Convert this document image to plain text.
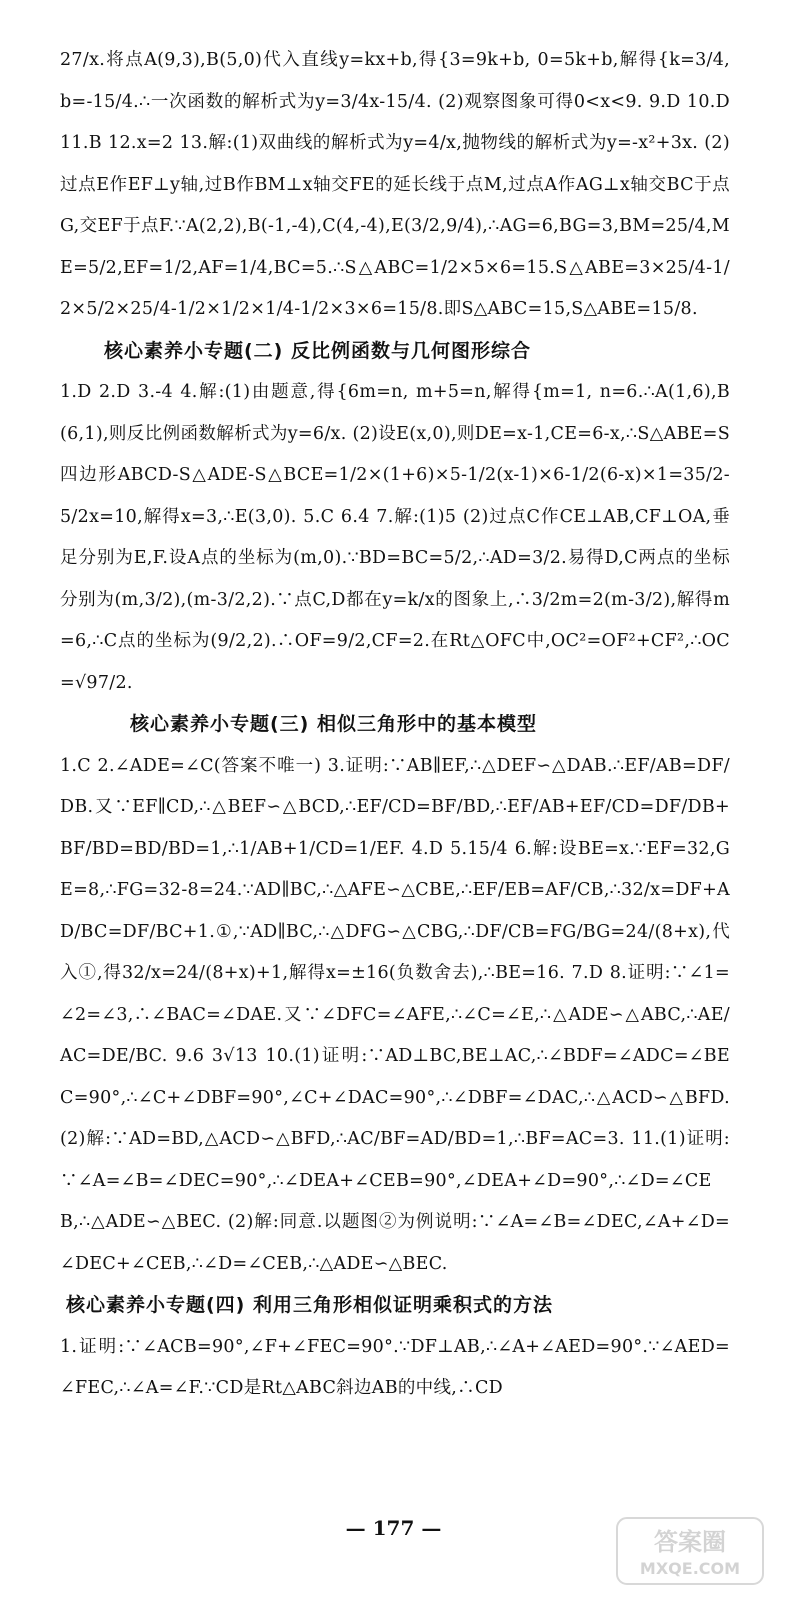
27/x.将点A(9,3),B(5,0)代入直线y=kx+b,得{3=9k+b, 0=5k+b,解得{k=3/4, b=-15/4.∴一次函数的解析式为y=3/4x-15/4. (2)观察图象可得0<x<9. 9.D 10.D 11.B 12.x=2 13.解:(1)双曲线的解析式为y=4/x,抛物线的解析式为y=-x²+3x. (2)过点E作EF⊥y轴,过B作BM⊥x轴交FE的延长线于点M,过点A作AG⊥x轴交BC于点G,交EF于点F.∵A(2,2),B(-1,-4),C(4,-4),E(3/2,9/4),∴AG=6,BG=3,BM=25/4,ME=5/2,EF=1/2,AF=1/4,BC=5.∴S△ABC=1/2×5×6=15.S△ABE=3×25/4-1/2×5/2×25/4-1/2×1/2×1/4-1/2×3×6=15/8.即S△ABC=15,S△ABE=15/8.

核心素养小专题(二) 反比例函数与几何图形综合

1.D 2.D 3.-4 4.解:(1)由题意,得{6m=n, m+5=n,解得{m=1, n=6.∴A(1,6),B(6,1),则反比例函数解析式为y=6/x. (2)设E(x,0),则DE=x-1,CE=6-x,∴S△ABE=S四边形ABCD-S△ADE-S△BCE=1/2×(1+6)×5-1/2(x-1)×6-1/2(6-x)×1=35/2-5/2x=10,解得x=3,∴E(3,0). 5.C 6.4 7.解:(1)5 (2)过点C作CE⊥AB,CF⊥OA,垂足分别为E,F.设A点的坐标为(m,0).∵BD=BC=5/2,∴AD=3/2.易得D,C两点的坐标分别为(m,3/2),(m-3/2,2).∵点C,D都在y=k/x的图象上,∴3/2m=2(m-3/2),解得m=6,∴C点的坐标为(9/2,2).∴OF=9/2,CF=2.在Rt△OFC中,OC²=OF²+CF²,∴OC=√97/2.

核心素养小专题(三) 相似三角形中的基本模型

1.C 2.∠ADE=∠C(答案不唯一) 3.证明:∵AB∥EF,∴△DEF∽△DAB.∴EF/AB=DF/DB.又∵EF∥CD,∴△BEF∽△BCD,∴EF/CD=BF/BD,∴EF/AB+EF/CD=DF/DB+BF/BD=BD/BD=1,∴1/AB+1/CD=1/EF. 4.D 5.15/4 6.解:设BE=x.∵EF=32,GE=8,∴FG=32-8=24.∵AD∥BC,∴△AFE∽△CBE,∴EF/EB=AF/CB,∴32/x=DF+AD/BC=DF/BC+1.①,∵AD∥BC,∴△DFG∽△CBG,∴DF/CB=FG/BG=24/(8+x),代入①,得32/x=24/(8+x)+1,解得x=±16(负数舍去),∴BE=16. 7.D 8.证明:∵∠1=∠2=∠3,∴∠BAC=∠DAE.又∵∠DFC=∠AFE,∴∠C=∠E,∴△ADE∽△ABC,∴AE/AC=DE/BC. 9.6 3√13 10.(1)证明:∵AD⊥BC,BE⊥AC,∴∠BDF=∠ADC=∠BEC=90°,∴∠C+∠DBF=90°,∠C+∠DAC=90°,∴∠DBF=∠DAC,∴△ACD∽△BFD. (2)解:∵AD=BD,△ACD∽△BFD,∴AC/BF=AD/BD=1,∴BF=AC=3. 11.(1)证明:∵∠A=∠B=∠DEC=90°,∴∠DEA+∠CEB=90°,∠DEA+∠D=90°,∴∠D=∠CEB,∴△ADE∽△BEC. (2)解:同意.以题图②为例说明:∵∠A=∠B=∠DEC,∠A+∠D=∠DEC+∠CEB,∴∠D=∠CEB,∴△ADE∽△BEC.

核心素养小专题(四) 利用三角形相似证明乘积式的方法

1.证明:∵∠ACB=90°,∠F+∠FEC=90°.∵DF⊥AB,∴∠A+∠AED=90°.∵∠AED=∠FEC,∴∠A=∠F.∵CD是Rt△ABC斜边AB的中线,∴CD

— 177 —	答案圈
MXQE.COM
